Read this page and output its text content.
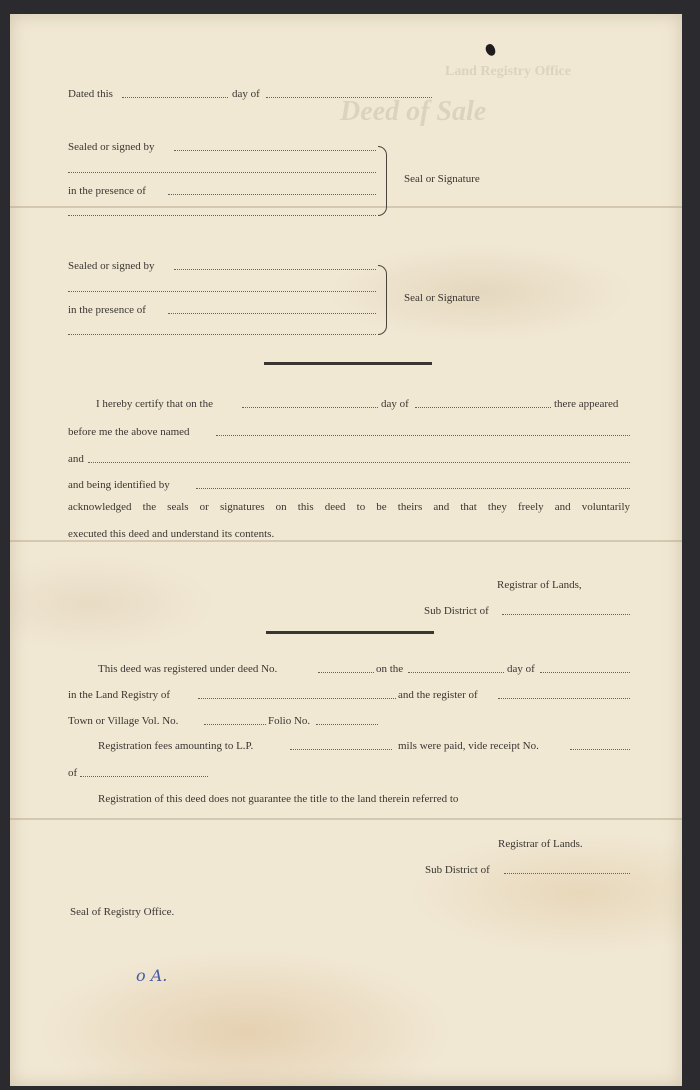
Land Registry Office
Deed of Sale
Dated this	day of
Sealed or signed by
in the presence of
Seal or Signature
Sealed or signed by
in the presence of
Seal or Signature
I hereby certify that on the	day of	there appeared
before me the above named
and
and being identified by
acknowledged the seals or signatures on this deed to be theirs and that they freely and voluntarily
executed this deed and understand its contents.
Registrar of Lands,
Sub District of
This deed was registered under deed No.	on the	day of
in the Land Registry of	and the register of
Town or Village Vol. No.	Folio No.
Registration fees amounting to L.P.	mils were paid, vide receipt No.
of
Registration of this deed does not guarantee the title to the land therein referred to
Registrar of Lands.
Sub District of
Seal of Registry Office.
o A.
